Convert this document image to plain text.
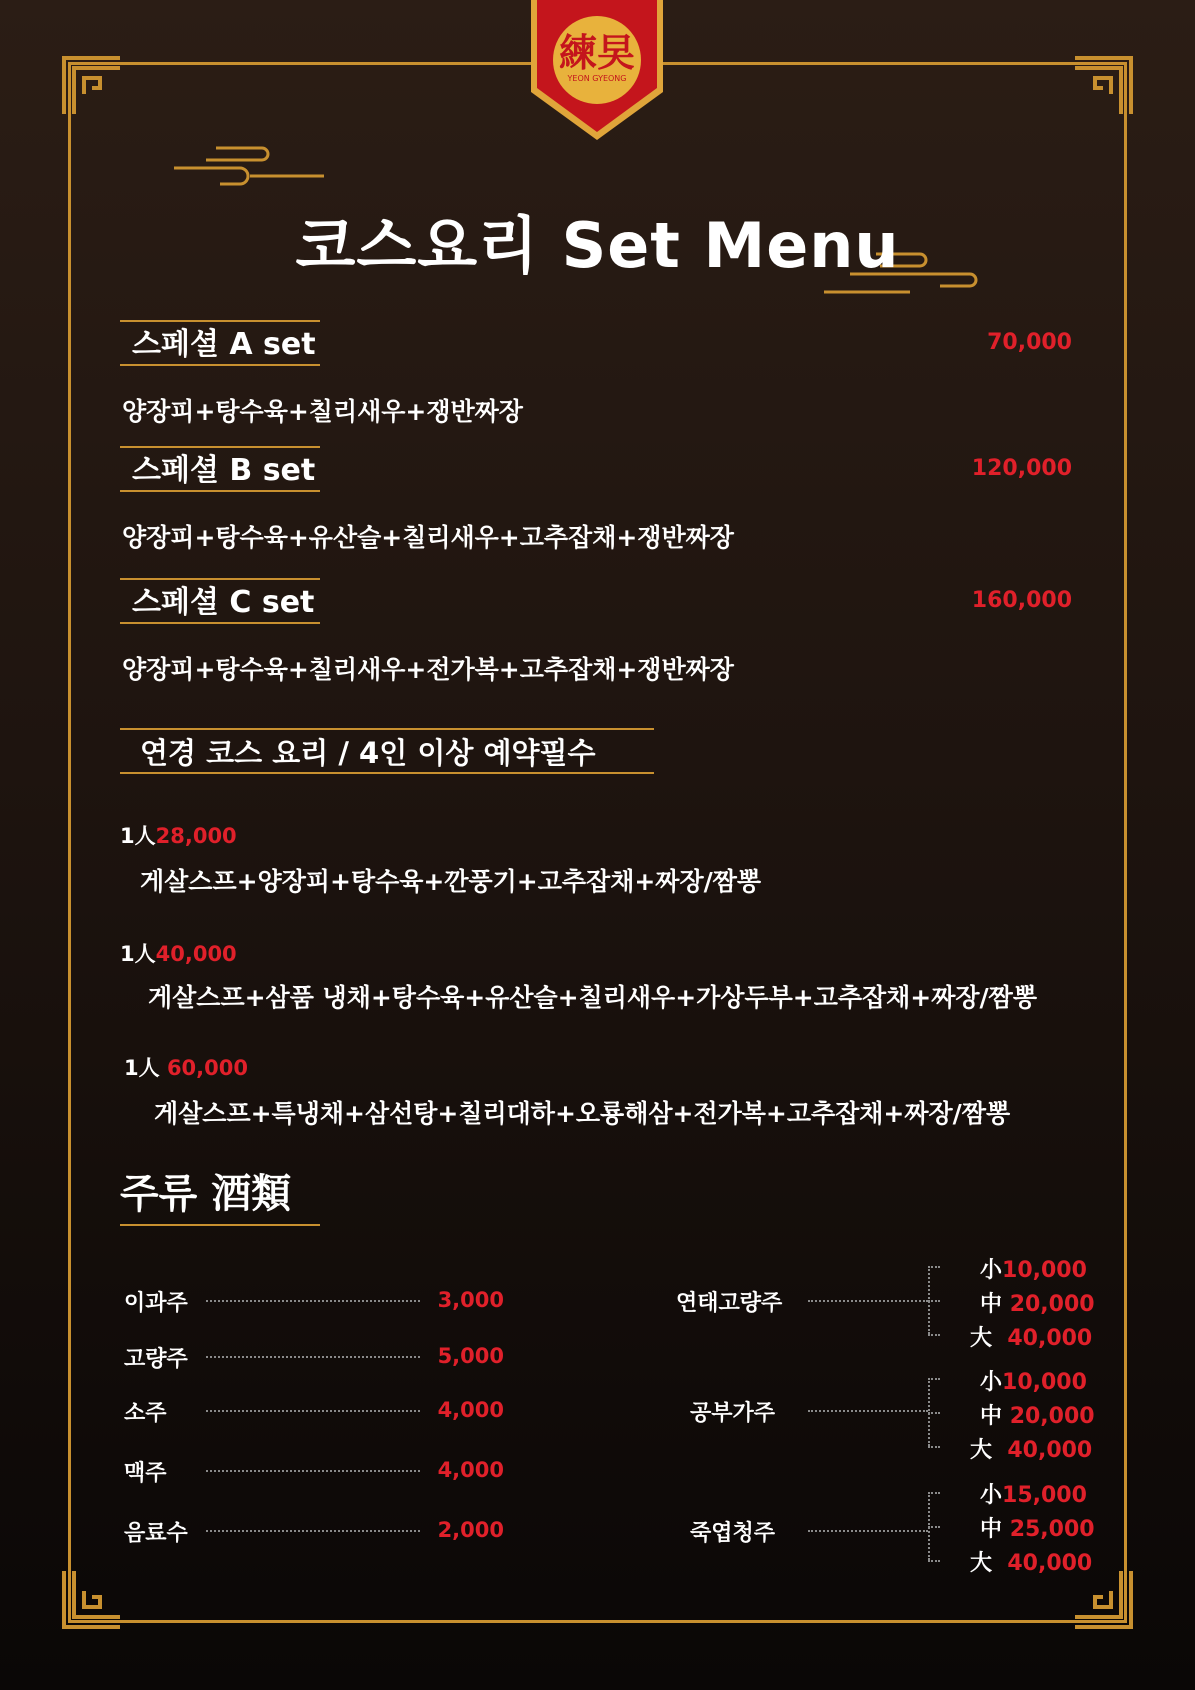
練旲
YEON GYEONG
코스요리 Set Menu
스페셜 A set	70,000
양장피+탕수육+칠리새우+쟁반짜장
스페셜 B set	120,000
양장피+탕수육+유산슬+칠리새우+고추잡채+쟁반짜장
스페셜 C set	160,000
양장피+탕수육+칠리새우+전가복+고추잡채+쟁반짜장
연경 코스 요리 / 4인 이상 예약필수
1人28,000
게살스프+양장피+탕수육+깐풍기+고추잡채+짜장/짬뽕
1人40,000
게살스프+삼품 냉채+탕수육+유산슬+칠리새우+가상두부+고추잡채+짜장/짬뽕
1人 60,000
게살스프+특냉채+삼선탕+칠리대하+오룡해삼+전가복+고추잡채+짜장/짬뽕
주류 酒類
이과주	3,000
고량주	5,000
소주	4,000
맥주	4,000
음료수	2,000
연태고량주
小10,000
中 20,000
大 40,000
공부가주
小10,000
中 20,000
大 40,000
죽엽청주
小15,000
中 25,000
大 40,000
